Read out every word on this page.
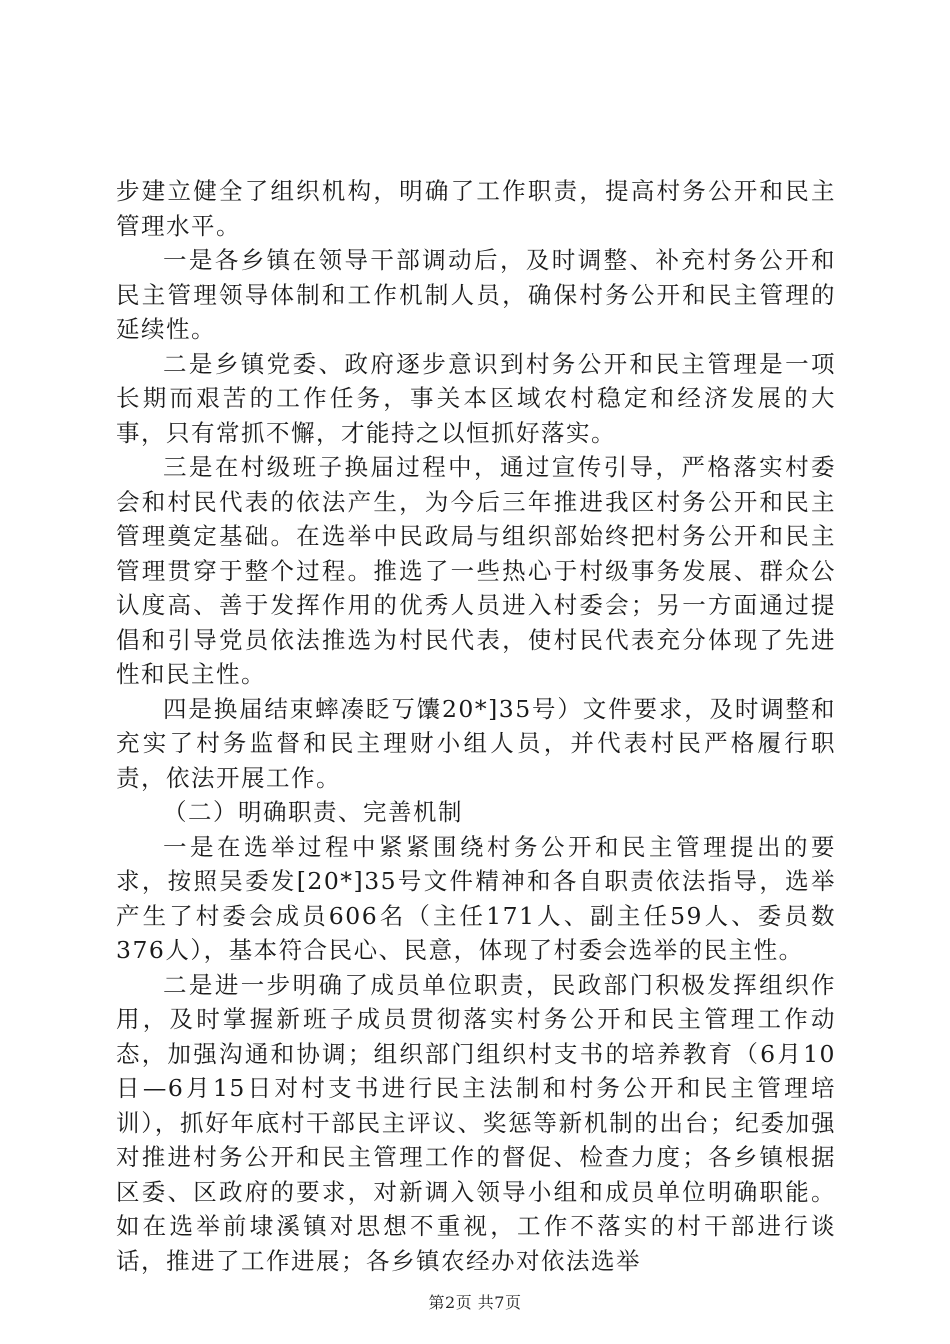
步建立健全了组织机构，明确了工作职责，提高村务公开和民主管理水平。

一是各乡镇在领导干部调动后，及时调整、补充村务公开和民主管理领导体制和工作机制人员，确保村务公开和民主管理的延续性。

二是乡镇党委、政府逐步意识到村务公开和民主管理是一项长期而艰苦的工作任务，事关本区域农村稳定和经济发展的大事，只有常抓不懈，才能持之以恒抓好落实。

三是在村级班子换届过程中，通过宣传引导，严格落实村委会和村民代表的依法产生，为今后三年推进我区村务公开和民主管理奠定基础。在选举中民政局与组织部始终把村务公开和民主管理贯穿于整个过程。推选了一些热心于村级事务发展、群众公认度高、善于发挥作用的优秀人员进入村委会；另一方面通过提倡和引导党员依法推选为村民代表，使村民代表充分体现了先进性和民主性。

四是换届结束蟀凑眨丂馕20*]35号）文件要求，及时调整和充实了村务监督和民主理财小组人员，并代表村民严格履行职责，依法开展工作。

（二）明确职责、完善机制

一是在选举过程中紧紧围绕村务公开和民主管理提出的要求，按照吴委发[20*]35号文件精神和各自职责依法指导，选举产生了村委会成员606名（主任171人、副主任59人、委员数376人），基本符合民心、民意，体现了村委会选举的民主性。

二是进一步明确了成员单位职责，民政部门积极发挥组织作用，及时掌握新班子成员贯彻落实村务公开和民主管理工作动态，加强沟通和协调；组织部门组织村支书的培养教育（6月10日—6月15日对村支书进行民主法制和村务公开和民主管理培训），抓好年底村干部民主评议、奖惩等新机制的出台；纪委加强对推进村务公开和民主管理工作的督促、检查力度；各乡镇根据区委、区政府的要求，对新调入领导小组和成员单位明确职能。如在选举前埭溪镇对思想不重视，工作不落实的村干部进行谈话，推进了工作进展；各乡镇农经办对依法选举

第2页 共7页
